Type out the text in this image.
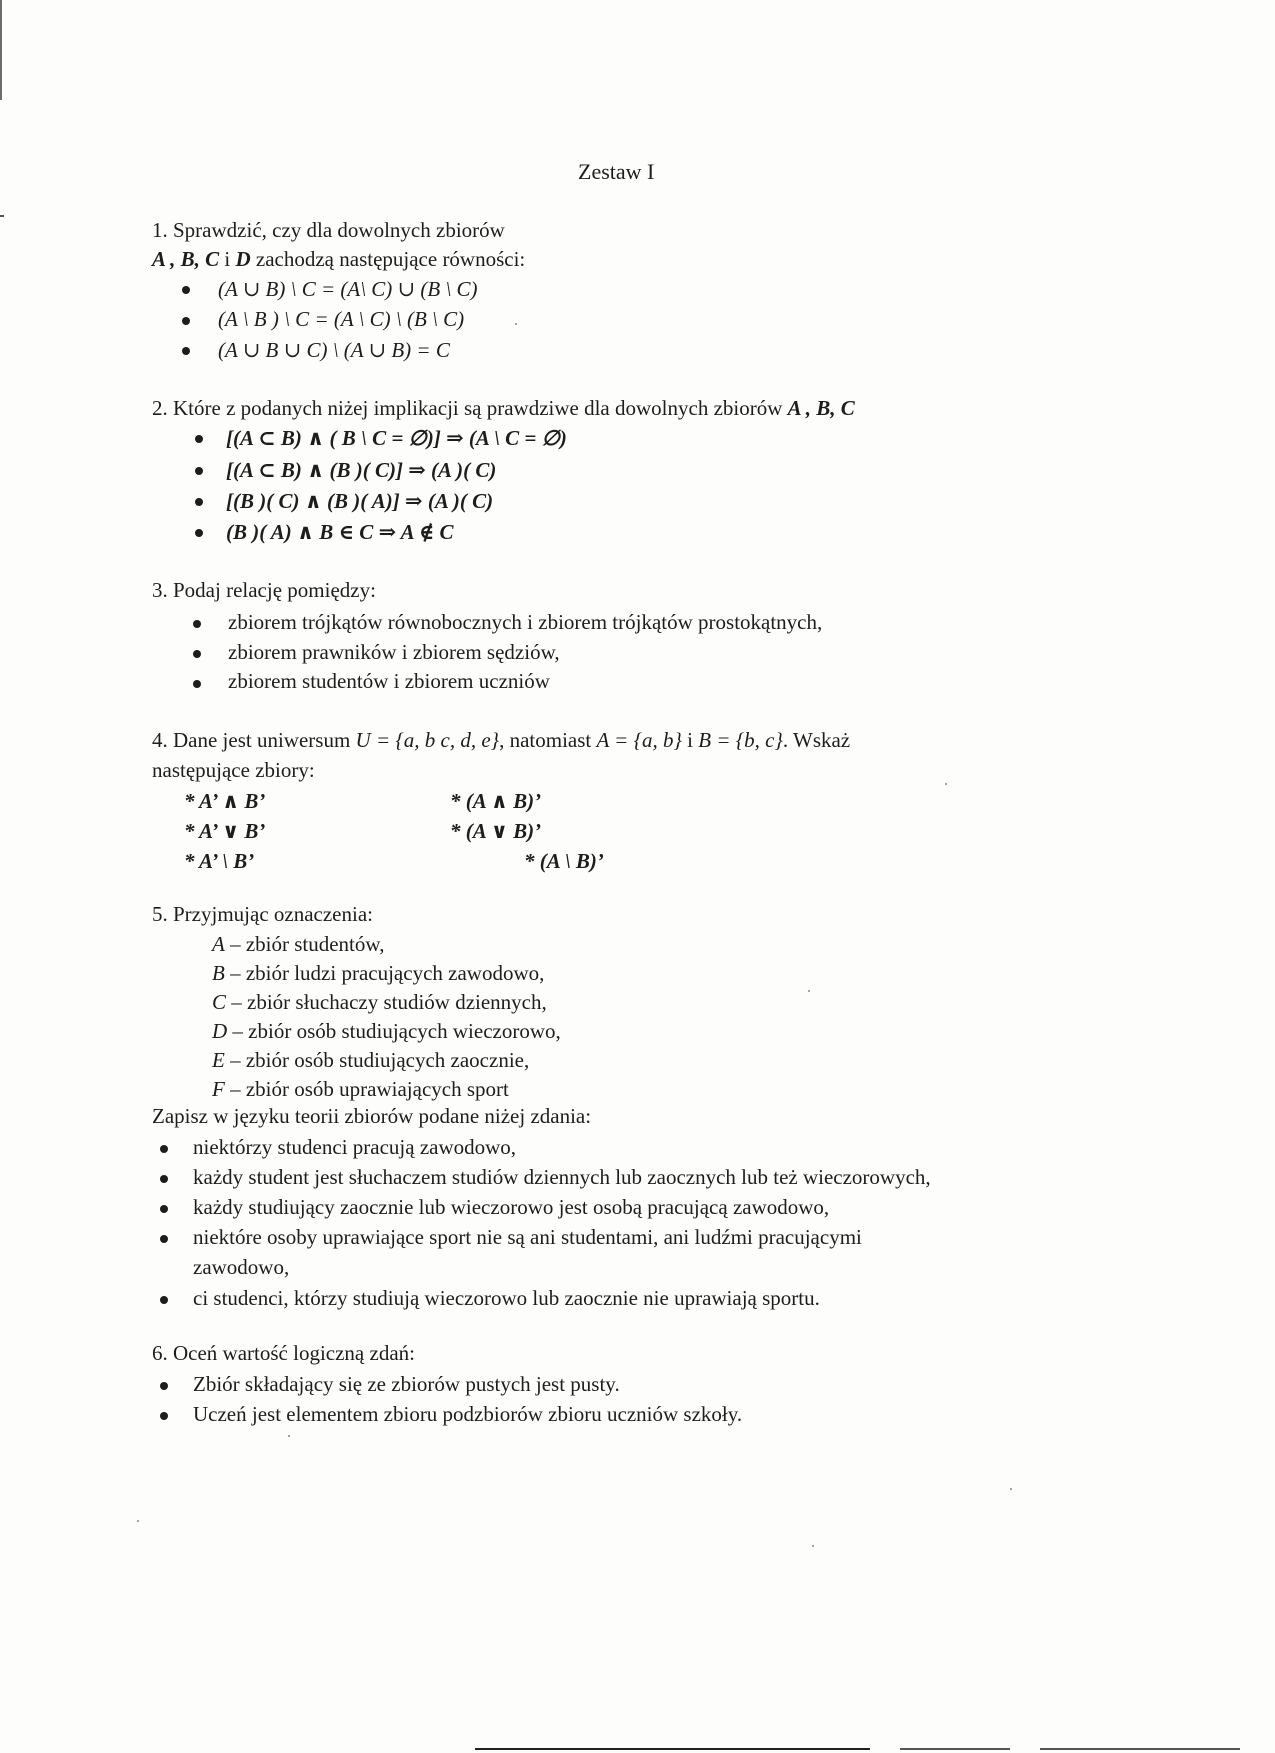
Zestaw I
1. Sprawdzić, czy dla dowolnych zbiorów
A , B, C i D zachodzą następujące równości:
(A ∪ B) \ C = (A\ C) ∪ (B \ C)
(A \ B ) \ C = (A \ C) \ (B \ C)
(A ∪ B ∪ C) \ (A ∪ B) = C
2. Które z podanych niżej implikacji są prawdziwe dla dowolnych zbiorów A , B, C
[(A ⊂ B) ∧ ( B \ C = ∅)] ⇒ (A \ C = ∅)
[(A ⊂ B) ∧ (B )( C)] ⇒ (A )( C)
[(B )( C) ∧ (B )( A)] ⇒ (A )( C)
(B )( A) ∧ B ∈ C ⇒ A ∉ C
3. Podaj relację pomiędzy:
zbiorem trójkątów równobocznych i zbiorem trójkątów prostokątnych,
zbiorem prawników i zbiorem sędziów,
zbiorem studentów i zbiorem uczniów
4. Dane jest uniwersum U = {a, b c, d, e}, natomiast A = {a, b} i B = {b, c}. Wskaż
następujące zbiory:
* A’ ∧ B’
* A’ ∨ B’
* A’ \ B’
* (A ∧ B)’
* (A ∨ B)’
* (A \ B)’
5. Przyjmując oznaczenia:
A – zbiór studentów,
B – zbiór ludzi pracujących zawodowo,
C – zbiór słuchaczy studiów dziennych,
D – zbiór osób studiujących wieczorowo,
E – zbiór osób studiujących zaocznie,
F – zbiór osób uprawiających sport
Zapisz w języku teorii zbiorów podane niżej zdania:
niektórzy studenci pracują zawodowo,
każdy student jest słuchaczem studiów dziennych lub zaocznych lub też wieczorowych,
każdy studiujący zaocznie lub wieczorowo jest osobą pracującą zawodowo,
niektóre osoby uprawiające sport nie są ani studentami, ani ludźmi pracującymi
zawodowo,
ci studenci, którzy studiują wieczorowo lub zaocznie nie uprawiają sportu.
6. Oceń wartość logiczną zdań:
Zbiór składający się ze zbiorów pustych jest pusty.
Uczeń jest elementem zbioru podzbiorów zbioru uczniów szkoły.
